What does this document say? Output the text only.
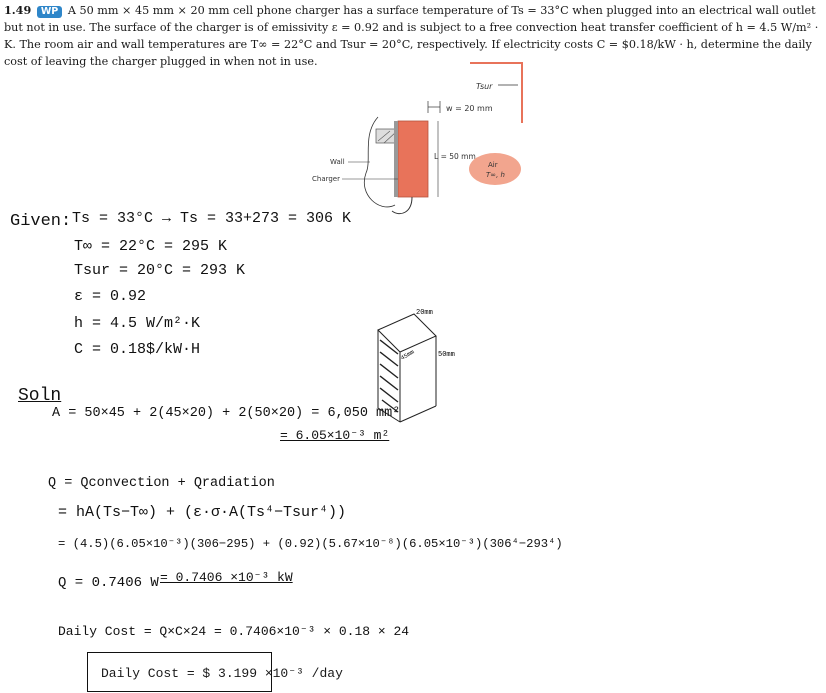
1.49 WP A 50 mm × 45 mm × 20 mm cell phone charger has a surface temperature of Ts = 33°C when plugged into an electrical wall outlet but not in use. The surface of the charger is of emissivity ε = 0.92 and is subject to a free convection heat transfer coefficient of h = 4.5 W/m² · K. The room air and wall temperatures are T∞ = 22°C and Tsur = 20°C, respectively. If electricity costs C = $0.18/kW · h, determine the daily cost of leaving the charger plugged in when not in use.
Tsur
w = 20 mm
L = 50 mm
Wall
Charger
Air
T∞, h
Given: Ts = 33°C → Ts = 33+273 = 306 K
T∞ = 22°C = 295 K
Tsur = 20°C = 293 K
ε = 0.92
h = 4.5 W/m²·K
C = 0.18$/kW·H
20mm
45mm	50mm
Soln
A = 50×45 + 2(45×20) + 2(50×20) = 6,050 mm²
= 6.05×10⁻³ m²
Q = Qconvection + Qradiation
= hA(Ts−T∞) + (ε·σ·A(Ts⁴−Tsur⁴))
= (4.5)(6.05×10⁻³)(306−295) + (0.92)(5.67×10⁻⁸)(6.05×10⁻³)(306⁴−293⁴)
Q = 0.7406 W = 0.7406 ×10⁻³ kW
Daily Cost = Q×C×24 = 0.7406×10⁻³ × 0.18 × 24
Daily Cost = $ 3.199 ×10⁻³ /day
